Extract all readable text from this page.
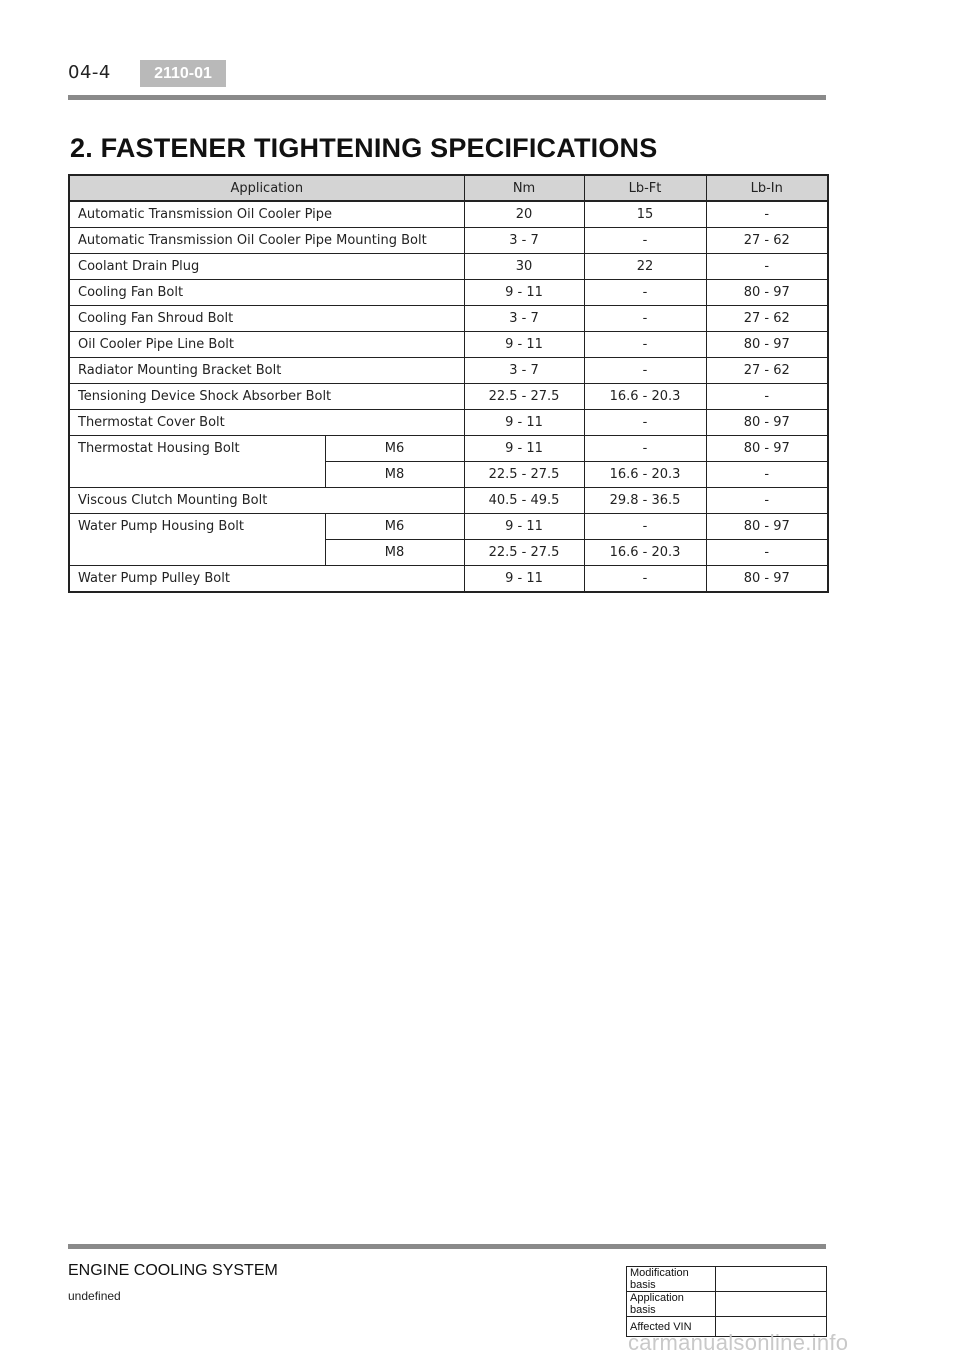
04-4	2110-01
2. FASTENER TIGHTENING SPECIFICATIONS
Application		Nm	Lb-Ft	Lb-In
Automatic Transmission Oil Cooler Pipe		20	15	-
Automatic Transmission Oil Cooler Pipe Mounting Bolt		3 - 7	-	27 - 62
Coolant Drain Plug		30	22	-
Cooling Fan Bolt		9 - 11	-	80 - 97
Cooling Fan Shroud Bolt		3 - 7	-	27 - 62
Oil Cooler Pipe Line Bolt		9 - 11	-	80 - 97
Radiator Mounting Bracket Bolt		3 - 7	-	27 - 62
Tensioning Device Shock Absorber Bolt		22.5 - 27.5	16.6 - 20.3	-
Thermostat Cover Bolt		9 - 11	-	80 - 97
Thermostat Housing Bolt	M6	9 - 11	-	80 - 97
	M8	22.5 - 27.5	16.6 - 20.3	-
Viscous Clutch Mounting Bolt		40.5 - 49.5	29.8 - 36.5	-
Water Pump Housing Bolt	M6	9 - 11	-	80 - 97
	M8	22.5 - 27.5	16.6 - 20.3	-
Water Pump Pulley Bolt		9 - 11	-	80 - 97
ENGINE COOLING SYSTEM
undefined
Modification basis	
Application basis	
Affected VIN	
carmanualsonline.info
